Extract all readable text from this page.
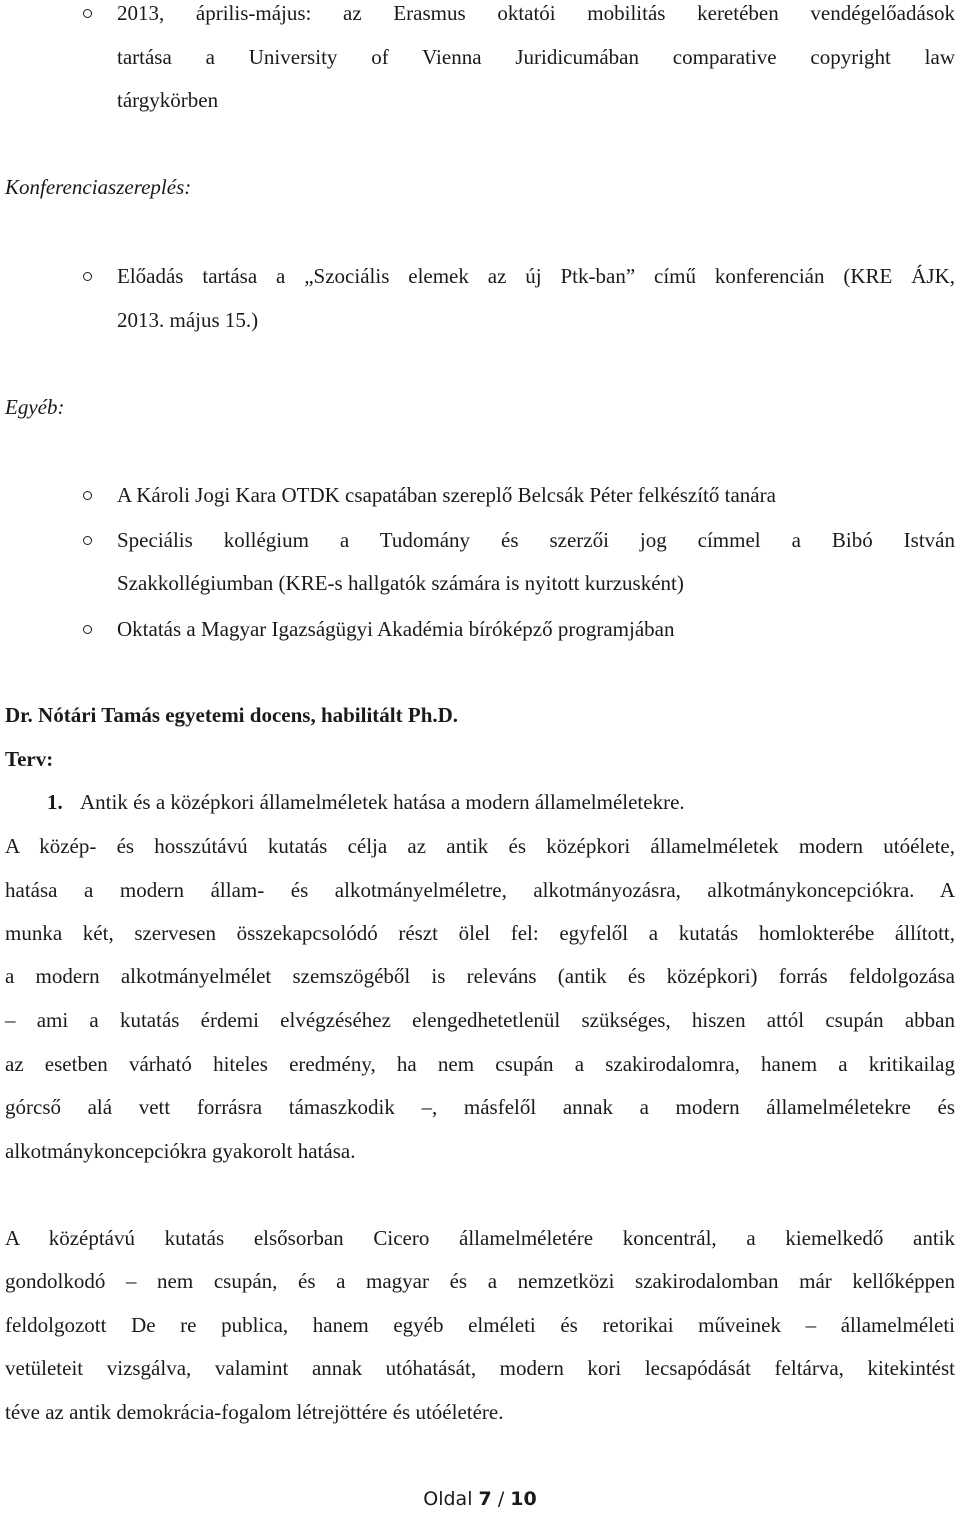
2013, április-május: az Erasmus oktatói mobilitás keretében vendégelőadások
tartása a University of Vienna Juridicumában comparative copyright law
tárgykörben
Konferenciaszereplés:
Előadás tartása a „Szociális elemek az új Ptk-ban” című konferencián (KRE ÁJK,
2013. május 15.)
Egyéb:
A Károli Jogi Kara OTDK csapatában szereplő Belcsák Péter felkészítő tanára
Speciális kollégium a Tudomány és szerzői jog címmel a Bibó István
Szakkollégiumban (KRE-s hallgatók számára is nyitott kurzusként)
Oktatás a Magyar Igazságügyi Akadémia bíróképző programjában
Dr. Nótári Tamás egyetemi docens, habilitált Ph.D.
Terv:
1. Antik és a középkori államelméletek hatása a modern államelméletekre.
A közép- és hosszútávú kutatás célja az antik és középkori államelméletek modern utóélete,
hatása a modern állam- és alkotmányelméletre, alkotmányozásra, alkotmánykoncepciókra. A
munka két, szervesen összekapcsolódó részt ölel fel: egyfelől a kutatás homlokterébe állított,
a modern alkotmányelmélet szemszögéből is releváns (antik és középkori) forrás feldolgozása
– ami a kutatás érdemi elvégzéséhez elengedhetetlenül szükséges, hiszen attól csupán abban
az esetben várható hiteles eredmény, ha nem csupán a szakirodalomra, hanem a kritikailag
górcső alá vett forrásra támaszkodik –, másfelől annak a modern államelméletekre és
alkotmánykoncepciókra gyakorolt hatása.
A középtávú kutatás elsősorban Cicero államelméletére koncentrál, a kiemelkedő antik
gondolkodó – nem csupán, és a magyar és a nemzetközi szakirodalomban már kellőképpen
feldolgozott De re publica, hanem egyéb elméleti és retorikai műveinek – államelméleti
vetületeit vizsgálva, valamint annak utóhatását, modern kori lecsapódását feltárva, kitekintést
téve az antik demokrácia-fogalom létrejöttére és utóéletére.
Oldal 7 / 10
